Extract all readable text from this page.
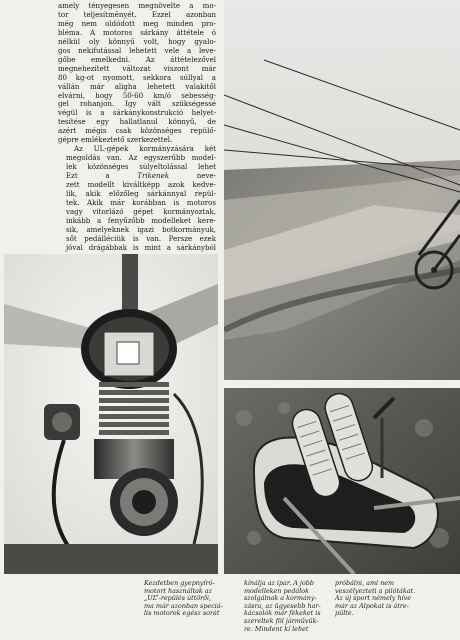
amely tényegesen megnövelte a mo-
tor teljesítményét. Ezzel azonban
még nem oldódott meg minden pro-
bléma. A motoros sárkány áttétele ó
nélkül oly könnyű volt, hogy gyalo-
gos nekifutással lehetett vele a leve-
gőbe emelkedni. Az áttételezővel
megnehezített változat viszont már
80 kg-ot nyomott, sekkora súllyal a
vállán már aligha lehetett valakitől
elvárni, hogy 50-60 km/ó sebesség-
gel rohanjon. Így vált szükségessé
végül is a sárkánykonstrukció helyet-
tesítése egy hallatlanul könnyű, de
azért mégis csak közönséges repülő-
gépre emlékeztető szerkezettel.

Az UL-gépek kormányzására két
megoldás van. Az egyszerűbb model-
lek közönséges súlyeltolással lehet
Ezt a	Trikenek	neve-
zett modellt kiváltképp azok kedve-
lik, akik előzőleg sárkánnyal repül-
tek. Akik már korábban is motoros
vagy vitorlázó gépet kormányoztak,
inkább a fenyűzőbb modelleket kere-
sik, amelyeknek igazi botkormányuk,
sőt pedálléciük is van. Persze ezek
jóval drágábbak is mint a sárkányból

Kezdetben gyepnyíró-
motort használtak az
„UL”-repülés úttörői,
ma már azonban speciá-
lis motorok egész sorát
kínálja az ipar. A jobb
modelleken pedálok
szolgálnak a kormány-
zásra, az ügyesebb har-
kácsolók már fékeket is
szereltek föl járművük-
re. Mindent kí lehet
próbálni, ami nem
veszélyezteti a pilótákat.
Az új sport némely híve
már az Alpokat is átre-
pülte.
